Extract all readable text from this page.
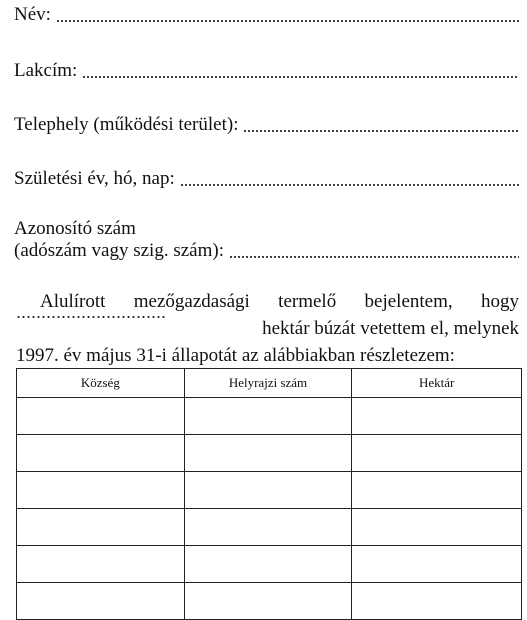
Név:
Lakcím:
Telephely (működési terület):
Születési év, hó, nap:
Azonosító szám
(adószám vagy szig. szám):
Alulírott mezőgazdasági termelő bejelentem, hogy
hektár búzát vetettem el, melynek
1997. év május 31-i állapotát az alábbiakban részletezem:
Község	Helyrajzi szám	Hektár
